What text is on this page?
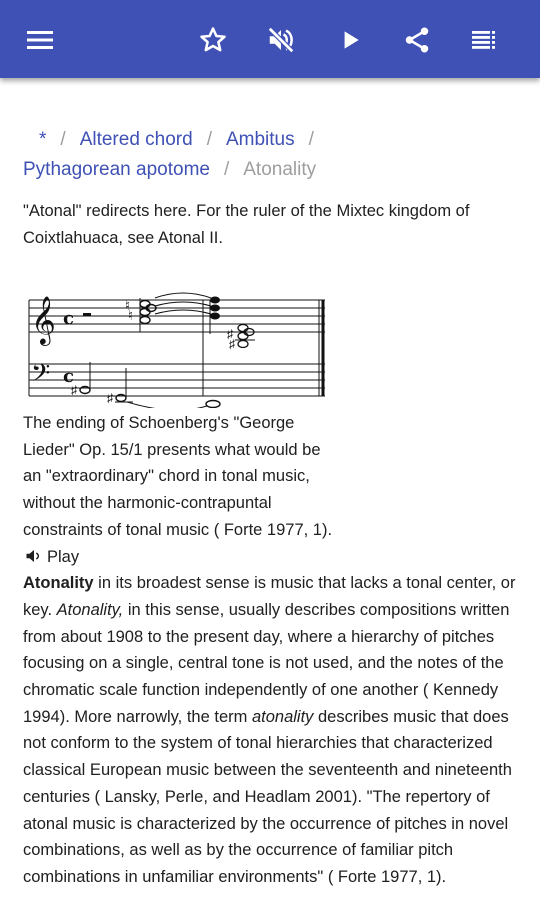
* / Altered chord / Ambitus /
Pythagorean apotome / Atonality
"Atonal" redirects here. For the ruler of the Mixtec kingdom of Coixtlahuaca, see Atonal II.
𝄞
𝄢
c
c
♮
♮
♯
♯
♯
♯
The ending of Schoenberg's "George Lieder" Op. 15/1 presents what would be an "extraordinary" chord in tonal music, without the harmonic-contrapuntal constraints of tonal music ( Forte 1977, 1). Play

Atonality in its broadest sense is music that lacks a tonal center, or key. Atonality, in this sense, usually describes compositions written from about 1908 to the present day, where a hierarchy of pitches focusing on a single, central tone is not used, and the notes of the chromatic scale function independently of one another ( Kennedy 1994). More narrowly, the term atonality describes music that does not conform to the system of tonal hierarchies that characterized classical European music between the seventeenth and nineteenth centuries ( Lansky, Perle, and Headlam 2001). "The repertory of atonal music is characterized by the occurrence of pitches in novel combinations, as well as by the occurrence of familiar pitch combinations in unfamiliar environments" ( Forte 1977, 1).
